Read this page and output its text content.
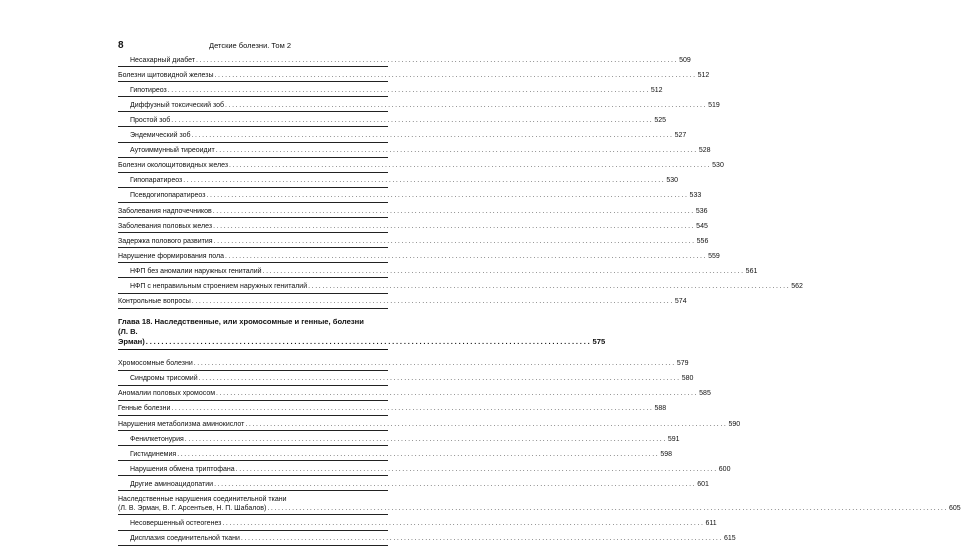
8	Детские болезни. Том 2
Несахарный диабет .....	509
Болезни щитовидной железы .....	512
Гипотиреоз .....	512
Диффузный токсический зоб .....	519
Простой зоб .....	525
Эндемический зоб .....	527
Аутоиммунный тиреоидит .....	528
Болезни околощитовидных желез .....	530
Гипопаратиреоз .....	530
Псевдогипопаратиреоз .....	533
Заболевания надпочечников .....	536
Заболевания половых желез .....	545
Задержка полового развития .....	556
Нарушение формирования пола .....	559
НФП без аномалии наружных гениталий .....	561
НФП с неправильным строением наружных гениталий .....	562
Контрольные вопросы .....	574
Глава 18. Наследственные, или хромосомные и генные, болезни
(Л. В. Эрман) .....	575
Хромосомные болезни .....	579
Синдромы трисомий .....	580
Аномалии половых хромосом .....	585
Генные болезни .....	588
Нарушения метаболизма аминокислот .....	590
Фенилкетонурия .....	591
Гистидинемия .....	598
Нарушения обмена триптофана .....	600
Другие аминоацидопатии .....	601
Наследственные нарушения соединительной ткани
(Л. В. Эрман, В. Г. Арсентьев, Н. П. Шабалов)	..... ........................................................ 605
Несовершенный остеогенез .....	611
Дисплазия соединительной ткани .....	615
